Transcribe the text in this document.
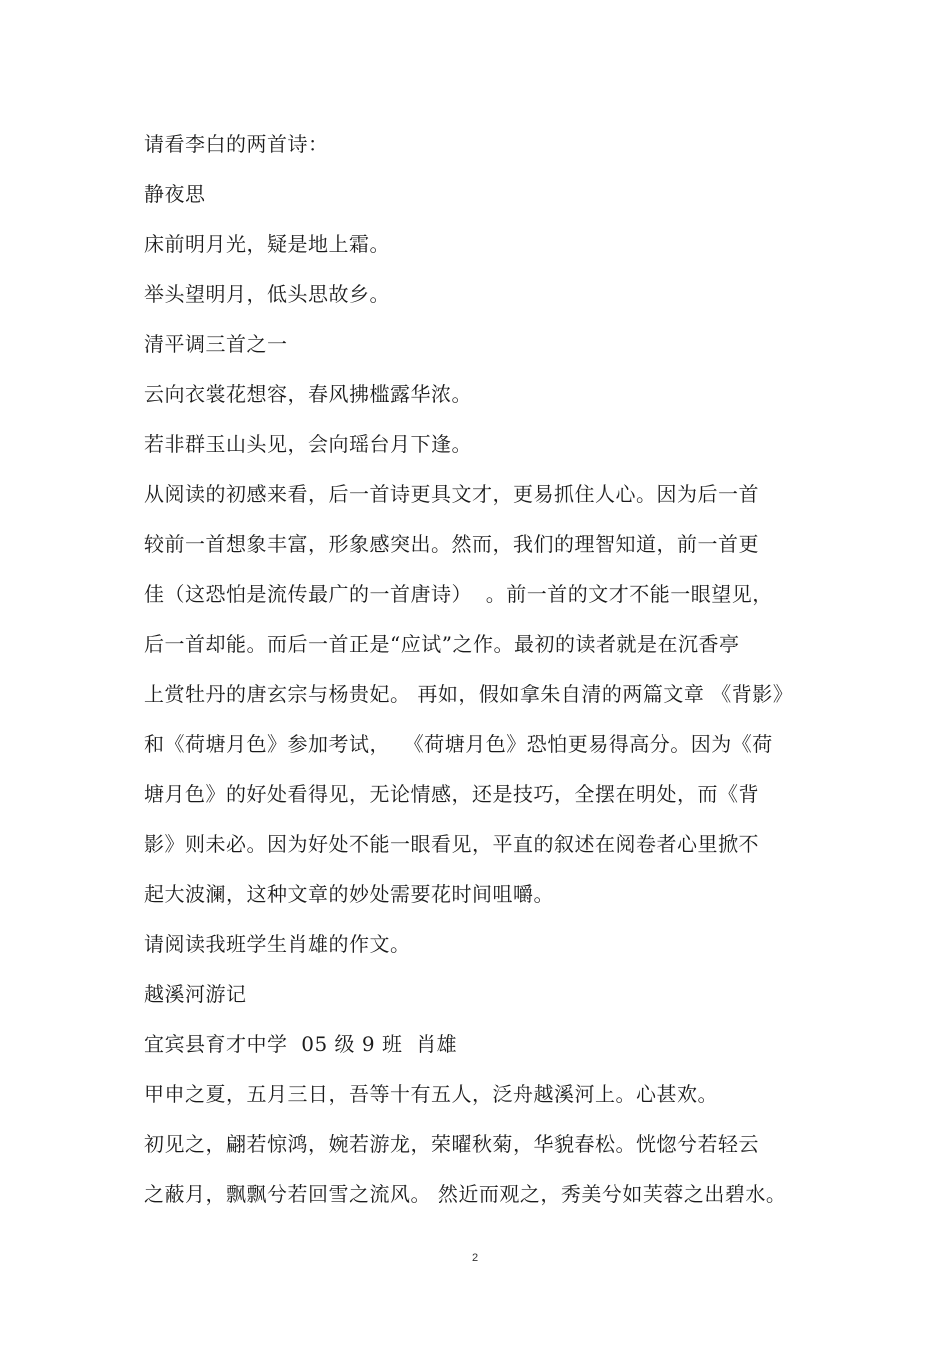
请看李白的两首诗：
静夜思
床前明月光，疑是地上霜。
举头望明月，低头思故乡。
清平调三首之一
云向衣裳花想容，春风拂槛露华浓。
若非群玉山头见，会向瑶台月下逢。
从阅读的初感来看，后一首诗更具文才，更易抓住人心。因为后一首
较前一首想象丰富，形象感突出。然而，我们的理智知道，前一首更
佳（这恐怕是流传最广的一首唐诗）  。前一首的文才不能一眼望见，
后一首却能。而后一首正是“应试”之作。最初的读者就是在沉香亭
上赏牡丹的唐玄宗与杨贵妃。 再如，假如拿朱自清的两篇文章 《背影》
和《荷塘月色》参加考试，  《荷塘月色》恐怕更易得高分。因为《荷
塘月色》的好处看得见，无论情感，还是技巧，全摆在明处，而《背
影》则未必。因为好处不能一眼看见，平直的叙述在阅卷者心里掀不
起大波澜，这种文章的妙处需要花时间咀嚼。
请阅读我班学生肖雄的作文。
越溪河游记
宜宾县育才中学  05 级 9 班  肖雄
甲申之夏，五月三日，吾等十有五人，泛舟越溪河上。心甚欢。
初见之，翩若惊鸿，婉若游龙，荣曜秋菊，华貌春松。恍惚兮若轻云
之蔽月，飘飘兮若回雪之流风。 然近而观之，秀美兮如芙蓉之出碧水。
2
